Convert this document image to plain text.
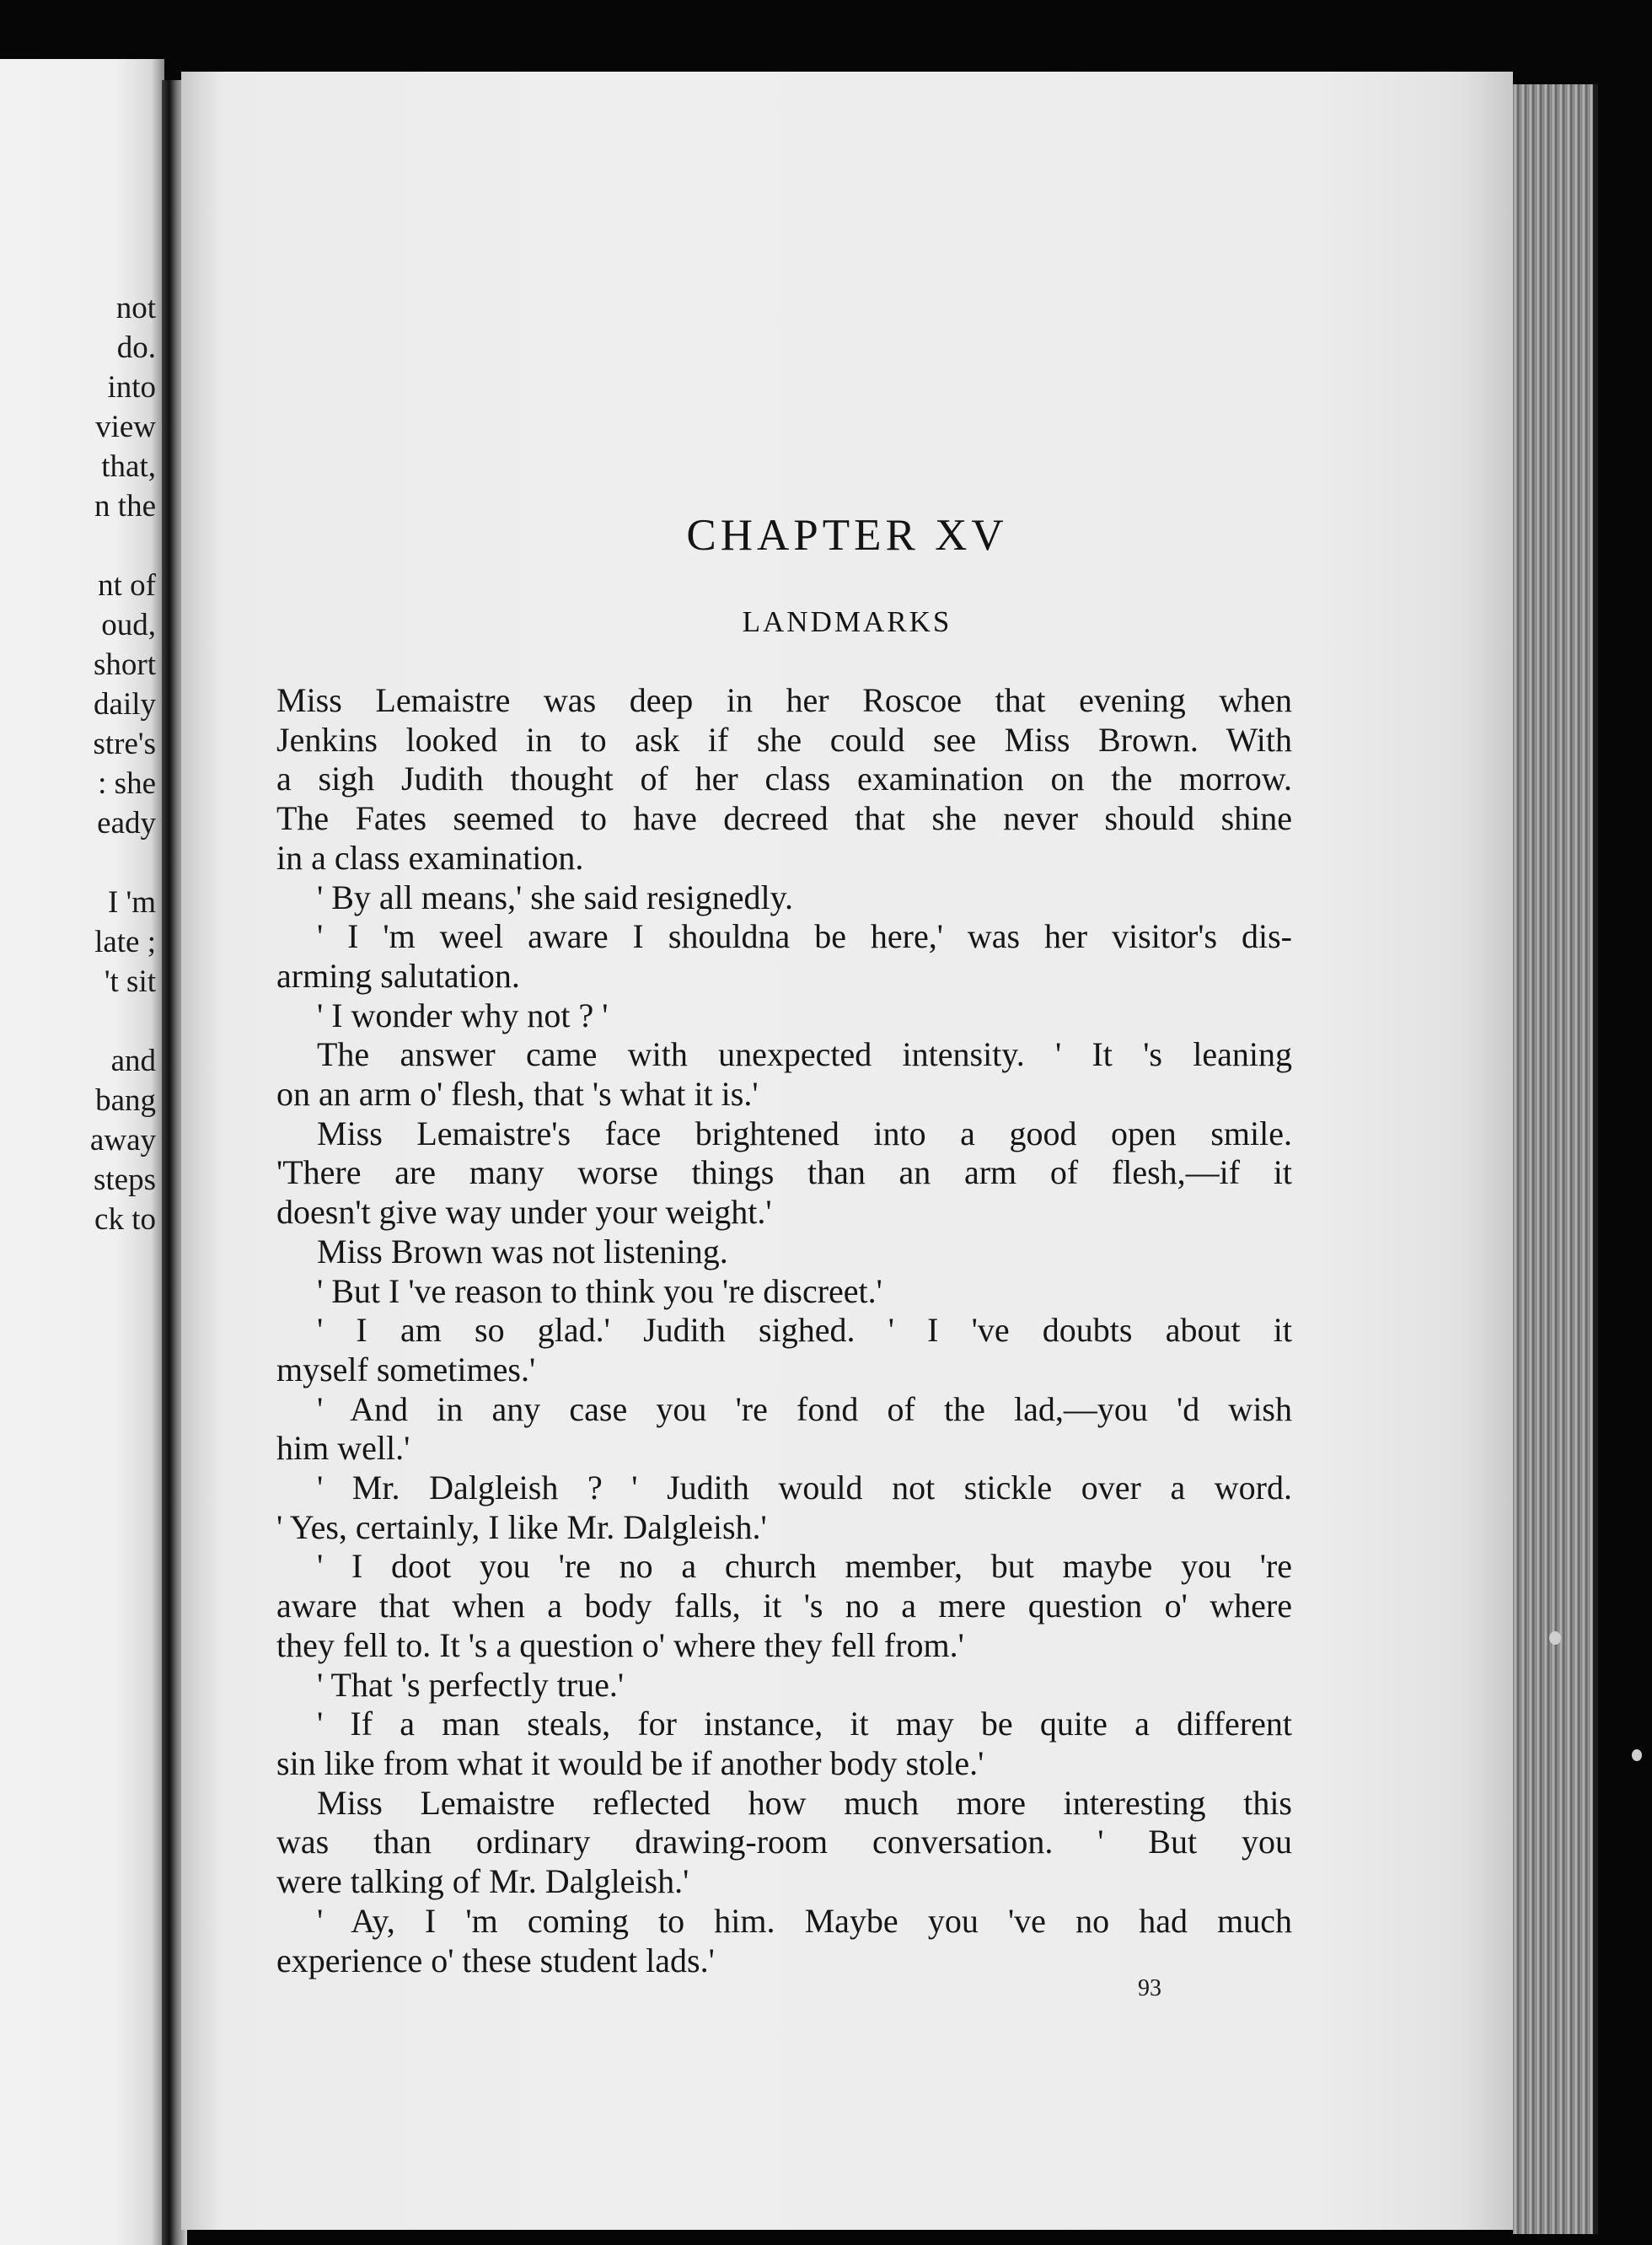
not
do.
into
view
that,
n the
nt of
oud,
short
daily
stre's
: she
eady
I 'm
late ;
't sit
and
bang
away
steps
ck to
CHAPTER XV
LANDMARKS
Miss Lemaistre was deep in her Roscoe that evening when
Jenkins looked in to ask if she could see Miss Brown. With
a sigh Judith thought of her class examination on the morrow.
The Fates seemed to have decreed that she never should shine
in a class examination.
' By all means,' she said resignedly.
' I 'm weel aware I shouldna be here,' was her visitor's dis-
arming salutation.
' I wonder why not ? '
The answer came with unexpected intensity. ' It 's leaning
on an arm o' flesh, that 's what it is.'
Miss Lemaistre's face brightened into a good open smile.
'There are many worse things than an arm of flesh,—if it
doesn't give way under your weight.'
Miss Brown was not listening.
' But I 've reason to think you 're discreet.'
' I am so glad.' Judith sighed. ' I 've doubts about it
myself sometimes.'
' And in any case you 're fond of the lad,—you 'd wish
him well.'
' Mr. Dalgleish ? ' Judith would not stickle over a word.
' Yes, certainly, I like Mr. Dalgleish.'
' I doot you 're no a church member, but maybe you 're
aware that when a body falls, it 's no a mere question o' where
they fell to. It 's a question o' where they fell from.'
' That 's perfectly true.'
' If a man steals, for instance, it may be quite a different
sin like from what it would be if another body stole.'
Miss Lemaistre reflected how much more interesting this
was than ordinary drawing-room conversation. ' But you
were talking of Mr. Dalgleish.'
' Ay, I 'm coming to him. Maybe you 've no had much
experience o' these student lads.'
93
